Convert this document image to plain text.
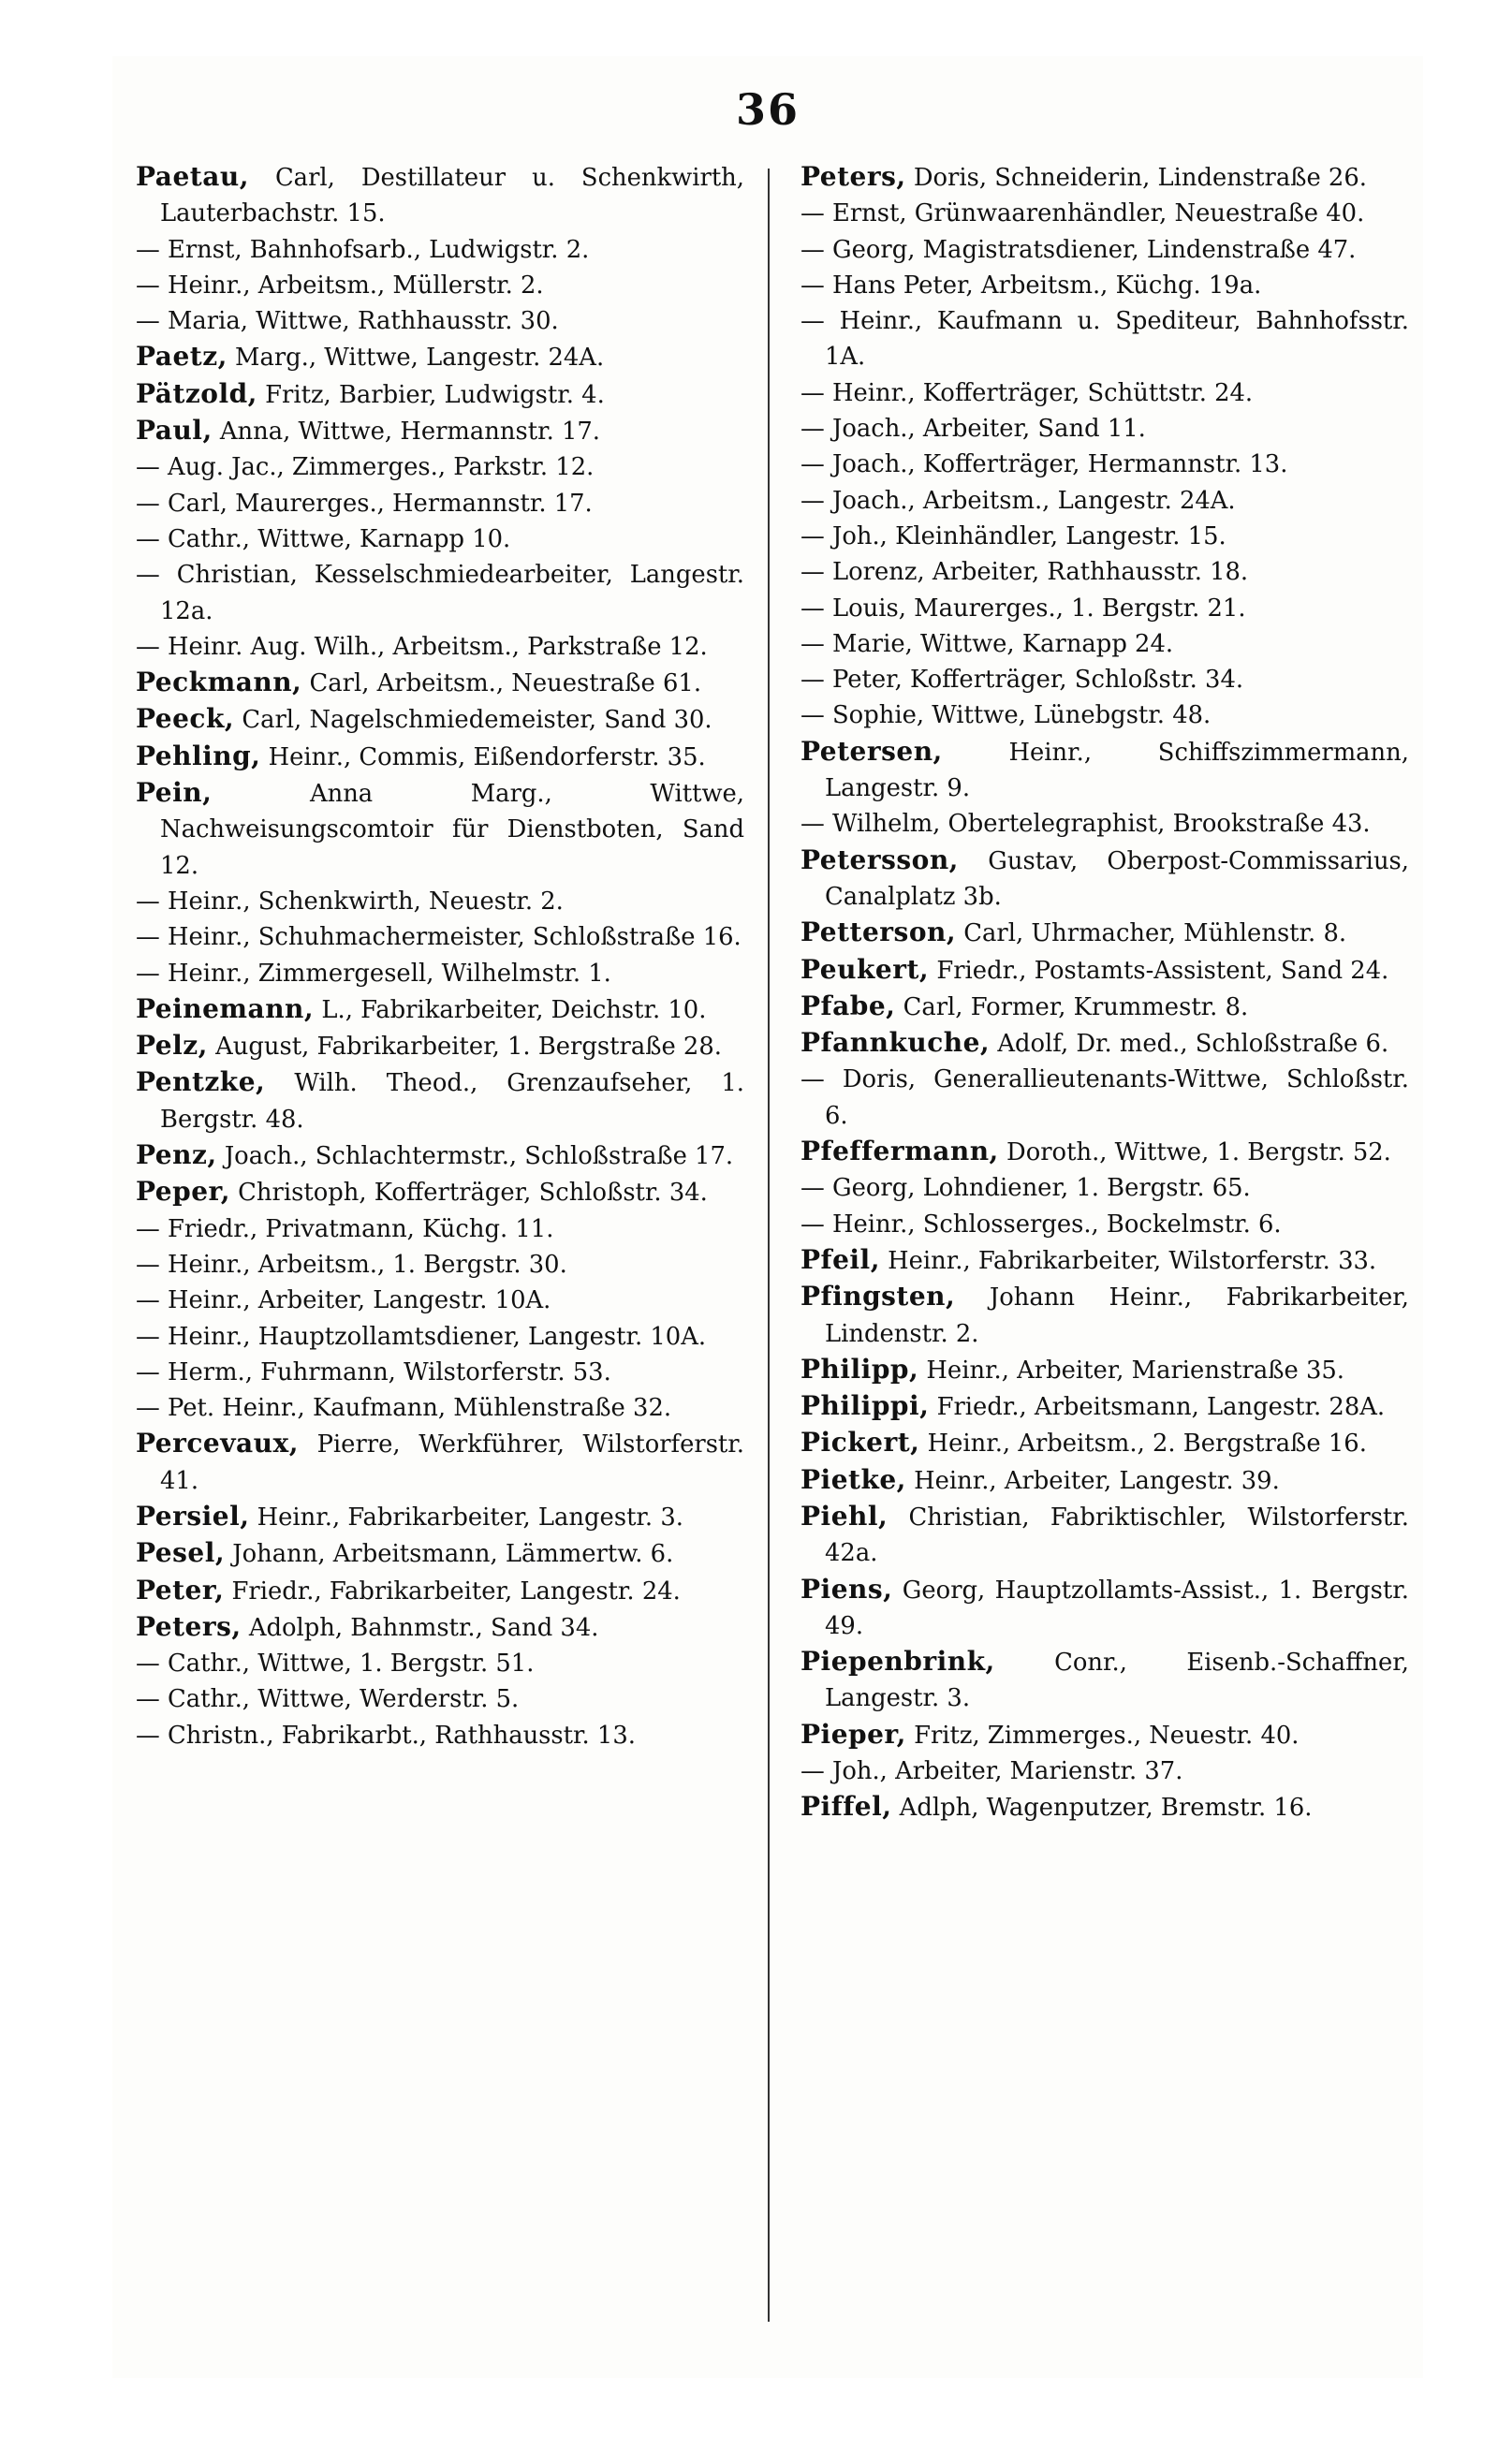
36

Paetau, Carl, Destillateur u. Schenkwirth, Lauterbachstr. 15.

— Ernst, Bahnhofsarb., Ludwigstr. 2.

— Heinr., Arbeitsm., Müllerstr. 2.

— Maria, Wittwe, Rathhausstr. 30.

Paetz, Marg., Wittwe, Langestr. 24A.

Pätzold, Fritz, Barbier, Ludwigstr. 4.

Paul, Anna, Wittwe, Hermannstr. 17.

— Aug. Jac., Zimmerges., Parkstr. 12.

— Carl, Maurerges., Hermannstr. 17.

— Cathr., Wittwe, Karnapp 10.

— Christian, Kesselschmiedearbeiter, Langestr. 12a.

— Heinr. Aug. Wilh., Arbeitsm., Parkstraße 12.

Peckmann, Carl, Arbeitsm., Neuestraße 61.

Peeck, Carl, Nagelschmiedemeister, Sand 30.

Pehling, Heinr., Commis, Eißendorferstr. 35.

Pein, Anna Marg., Wittwe, Nachweisungscomtoir für Dienstboten, Sand 12.

— Heinr., Schenkwirth, Neuestr. 2.

— Heinr., Schuhmachermeister, Schloßstraße 16.

— Heinr., Zimmergesell, Wilhelmstr. 1.

Peinemann, L., Fabrikarbeiter, Deichstr. 10.

Pelz, August, Fabrikarbeiter, 1. Bergstraße 28.

Pentzke, Wilh. Theod., Grenzaufseher, 1. Bergstr. 48.

Penz, Joach., Schlachtermstr., Schloßstraße 17.

Peper, Christoph, Kofferträger, Schloßstr. 34.

— Friedr., Privatmann, Küchg. 11.

— Heinr., Arbeitsm., 1. Bergstr. 30.

— Heinr., Arbeiter, Langestr. 10A.

— Heinr., Hauptzollamtsdiener, Langestr. 10A.

— Herm., Fuhrmann, Wilstorferstr. 53.

— Pet. Heinr., Kaufmann, Mühlenstraße 32.

Percevaux, Pierre, Werkführer, Wilstorferstr. 41.

Persiel, Heinr., Fabrikarbeiter, Langestr. 3.

Pesel, Johann, Arbeitsmann, Lämmertw. 6.

Peter, Friedr., Fabrikarbeiter, Langestr. 24.

Peters, Adolph, Bahnmstr., Sand 34.

— Cathr., Wittwe, 1. Bergstr. 51.

— Cathr., Wittwe, Werderstr. 5.

— Christn., Fabrikarbt., Rathhausstr. 13.

Peters, Doris, Schneiderin, Lindenstraße 26.

— Ernst, Grünwaarenhändler, Neuestraße 40.

— Georg, Magistratsdiener, Lindenstraße 47.

— Hans Peter, Arbeitsm., Küchg. 19a.

— Heinr., Kaufmann u. Spediteur, Bahnhofsstr. 1A.

— Heinr., Kofferträger, Schüttstr. 24.

— Joach., Arbeiter, Sand 11.

— Joach., Kofferträger, Hermannstr. 13.

— Joach., Arbeitsm., Langestr. 24A.

— Joh., Kleinhändler, Langestr. 15.

— Lorenz, Arbeiter, Rathhausstr. 18.

— Louis, Maurerges., 1. Bergstr. 21.

— Marie, Wittwe, Karnapp 24.

— Peter, Kofferträger, Schloßstr. 34.

— Sophie, Wittwe, Lünebgstr. 48.

Petersen, Heinr., Schiffszimmermann, Langestr. 9.

— Wilhelm, Obertelegraphist, Brookstraße 43.

Petersson, Gustav, Oberpost-Commissarius, Canalplatz 3b.

Petterson, Carl, Uhrmacher, Mühlenstr. 8.

Peukert, Friedr., Postamts-Assistent, Sand 24.

Pfabe, Carl, Former, Krummestr. 8.

Pfannkuche, Adolf, Dr. med., Schloßstraße 6.

— Doris, Generallieutenants-Wittwe, Schloßstr. 6.

Pfeffermann, Doroth., Wittwe, 1. Bergstr. 52.

— Georg, Lohndiener, 1. Bergstr. 65.

— Heinr., Schlosserges., Bockelmstr. 6.

Pfeil, Heinr., Fabrikarbeiter, Wilstorferstr. 33.

Pfingsten, Johann Heinr., Fabrikarbeiter, Lindenstr. 2.

Philipp, Heinr., Arbeiter, Marienstraße 35.

Philippi, Friedr., Arbeitsmann, Langestr. 28A.

Pickert, Heinr., Arbeitsm., 2. Bergstraße 16.

Pietke, Heinr., Arbeiter, Langestr. 39.

Piehl, Christian, Fabriktischler, Wilstorferstr. 42a.

Piens, Georg, Hauptzollamts-Assist., 1. Bergstr. 49.

Piepenbrink, Conr., Eisenb.-Schaffner, Langestr. 3.

Pieper, Fritz, Zimmerges., Neuestr. 40.

— Joh., Arbeiter, Marienstr. 37.

Piffel, Adlph, Wagenputzer, Bremstr. 16.
